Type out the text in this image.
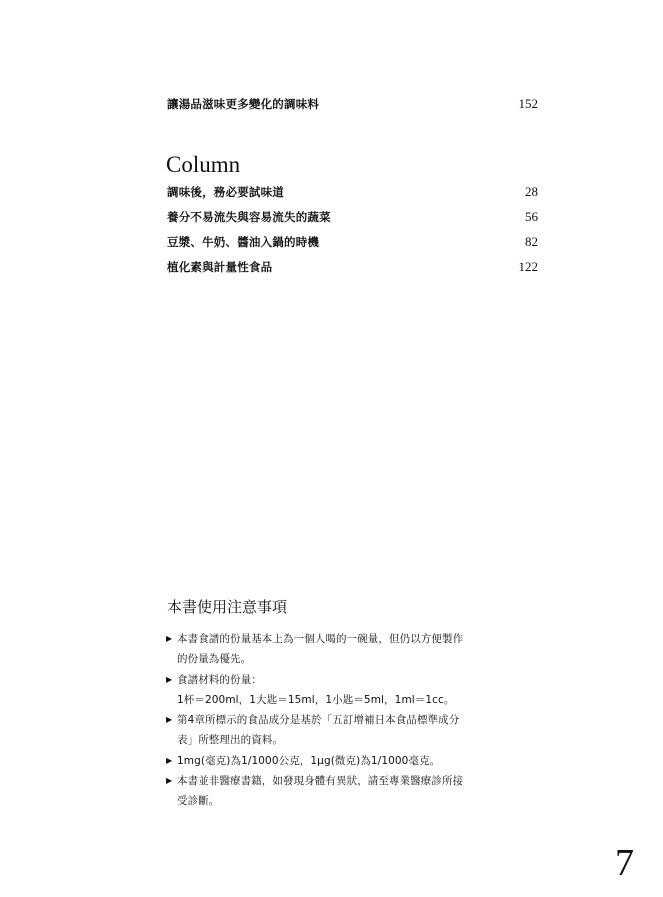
讓湯品滋味更多變化的調味料	152
Column
調味後，務必要試味道	28
養分不易流失與容易流失的蔬菜	56
豆漿、牛奶、醬油入鍋的時機	82
植化素與計量性食品	122
本書使用注意事項
▶ 本書食譜的份量基本上為一個人喝的一碗量，但仍以方便製作
的份量為優先。
▶ 食譜材料的份量：
1杯＝200ml，1大匙＝15ml，1小匙＝5ml，1ml＝1cc。
▶ 第4章所標示的食品成分是基於「五訂增補日本食品標準成分
表」所整理出的資料。
▶ 1mg(毫克)為1/1000公克，1µg(微克)為1/1000毫克。
▶ 本書並非醫療書籍，如發現身體有異狀，請至專業醫療診所接
受診斷。
7
